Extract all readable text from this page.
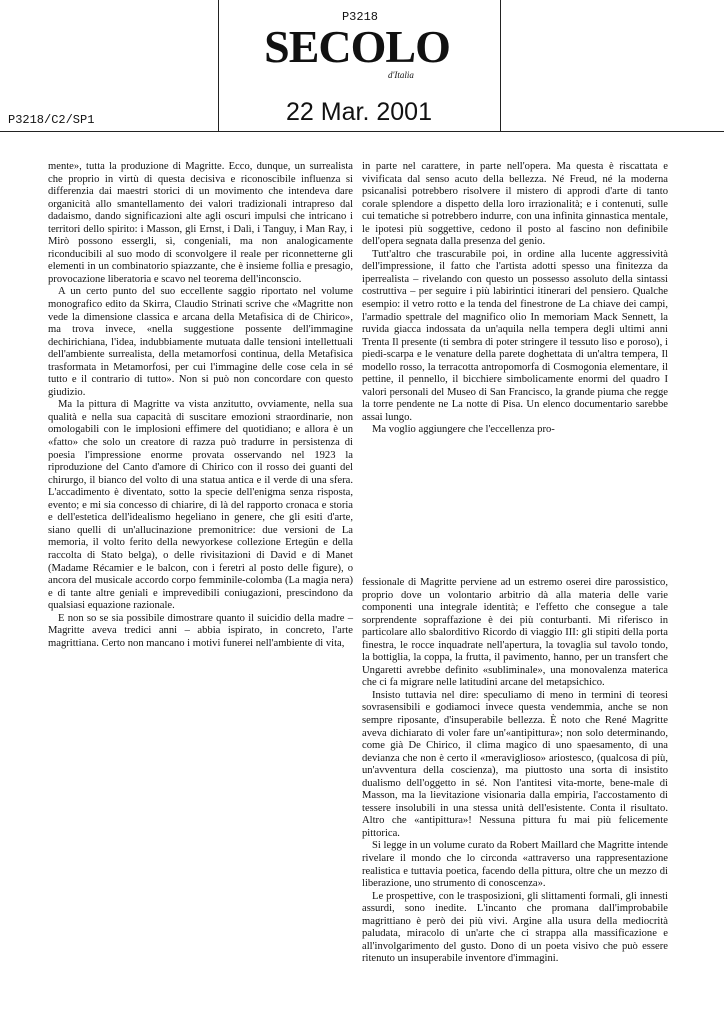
P3218
SECOLO
d'Italia
P3218/C2/SP1	22 Mar. 2001

mente», tutta la produzione di Magritte. Ecco, dunque, un surrealista che proprio in virtù di questa decisiva e riconoscibile influenza si differenzia dai maestri storici di un movimento che intendeva dare organicità allo smantellamento dei valori tradizionali intrapreso dal dadaismo, dando significazioni alte agli oscuri impulsi che intricano i territori dello spirito: i Masson, gli Ernst, i Dalì, i Tanguy, i Man Ray, i Mirò possono essergli, sì, congeniali, ma non analogicamente riconducibili al suo modo di sconvolgere il reale per riconnetterne gli elementi in un combinatorio spiazzante, che è insieme follia e presagio, provocazione liberatoria e scavo nel teorema dell'inconscio.

A un certo punto del suo eccellente saggio riportato nel volume monografico edito da Skirra, Claudio Strinati scrive che «Magritte non vede la dimensione classica e arcana della Metafisica di de Chirico», ma trova invece, «nella suggestione possente dell'immagine dechirichiana, l'idea, indubbiamente mutuata dalle tensioni intellettuali dell'ambiente surrealista, della metamorfosi continua, della Metafisica trasformata in Metamorfosi, per cui l'immagine delle cose cela in sé tutto e il contrario di tutto». Non si può non concordare con questo giudizio.

Ma la pittura di Magritte va vista anzitutto, ovviamente, nella sua qualità e nella sua capacità di suscitare emozioni straordinarie, non omologabili con le implosioni effimere del quotidiano; e allora è un «fatto» che solo un creatore di razza può tradurre in persistenza di poesia l'impressione enorme provata osservando nel 1923 la riproduzione del Canto d'amore di Chirico con il rosso dei guanti del chirurgo, il bianco del volto di una statua antica e il verde di una sfera. L'accadimento è diventato, sotto la specie dell'enigma senza risposta, evento; e mi sia concesso di chiarire, di là del rapporto cronaca e storia e dell'estetica dell'idealismo hegeliano in genere, che gli esiti d'arte, siano quelli di un'allucinazione premonitrice: due versioni de La memoria, il volto ferito della newyorkese collezione Ertegün e della raccolta di Stato belga), o delle rivisitazioni di David e di Manet (Madame Récamier e le balcon, con i feretri al posto delle figure), o ancora del musicale accordo corpo femminile-colomba (La magia nera) e di tante altre geniali e imprevedibili coniugazioni, prescindono da qualsiasi equazione razionale.

E non so se sia possibile dimostrare quanto il suicidio della madre – Magritte aveva tredici anni – abbia ispirato, in concreto, l'arte magrittiana. Certo non mancano i motivi funerei nell'ambiente di vita,

in parte nel carattere, in parte nell'opera. Ma questa è riscattata e vivificata dal senso acuto della bellezza. Né Freud, né la moderna psicanalisi potrebbero risolvere il mistero di approdi d'arte di tanto corale splendore a dispetto della loro irrazionalità; e i contenuti, sulle cui tematiche si potrebbero indurre, con una infinita ginnastica mentale, le ipotesi più soggettive, cedono il posto al fascino non definibile dell'opera segnata dalla presenza del genio.

Tutt'altro che trascurabile poi, in ordine alla lucente aggressività dell'impressione, il fatto che l'artista adotti spesso una finitezza da iperrealista – rivelando con questo un possesso assoluto della sintassi costruttiva – per seguire i più labirintici itinerari del pensiero. Qualche esempio: il vetro rotto e la tenda del finestrone de La chiave dei campi, l'armadio spettrale del magnifico olio In memoriam Mack Sennett, la ruvida giacca indossata da un'aquila nella tempera degli ultimi anni Trenta Il presente (ti sembra di poter stringere il tessuto liso e poroso), i piedi-scarpa e le venature della parete doghettata di un'altra tempera, Il modello rosso, la terracotta antropomorfa di Cosmogonia elementare, il pettine, il pennello, il bicchiere simbolicamente enormi del quadro I valori personali del Museo di San Francisco, la grande piuma che regge la torre pendente ne La notte di Pisa. Un elenco documentario sarebbe assai lungo.

Ma voglio aggiungere che l'eccellenza pro-

fessionale di Magritte perviene ad un estremo oserei dire parossistico, proprio dove un volontario arbitrio dà alla materia delle varie componenti una integrale identità; e l'effetto che consegue a tale sorprendente sopraffazione è dei più conturbanti. Mi riferisco in particolare allo sbalorditivo Ricordo di viaggio III: gli stipiti della porta finestra, le rocce inquadrate nell'apertura, la tovaglia sul tavolo tondo, la bottiglia, la coppa, la frutta, il pavimento, hanno, per un transfert che Ungaretti avrebbe definito «subliminale», una monovalenza materica che ci fa migrare nelle latitudini arcane del metapsichico.

Insisto tuttavia nel dire: speculiamo di meno in termini di teoresi sovrasensibili e godiamoci invece questa vendemmia, anche se non sempre riposante, d'insuperabile bellezza. È noto che René Magritte aveva dichiarato di voler fare un'«antipittura»; non solo determinando, come già De Chirico, il clima magico di uno spaesamento, di una devianza che non è certo il «meraviglioso» ariostesco, (qualcosa di più, un'avventura della coscienza), ma piuttosto una sorta di insistito dualismo dell'oggetto in sé. Non l'antitesi vita-morte, bene-male di Masson, ma la lievitazione visionaria dalla empiria, l'accostamento di tessere insolubili in una stessa unità dell'esistente. Conta il risultato. Altro che «antipittura»! Nessuna pittura fu mai più felicemente pittorica.

Si legge in un volume curato da Robert Maillard che Magritte intende rivelare il mondo che lo circonda «attraverso una rappresentazione realistica e tuttavia poetica, facendo della pittura, oltre che un mezzo di liberazione, uno strumento di conoscenza».

Le prospettive, con le trasposizioni, gli slittamenti formali, gli innesti assurdi, sono inedite. L'incanto che promana dall'improbabile magrittiano è però dei più vivi. Argine alla usura della mediocrità paludata, miracolo di un'arte che ci strappa alla massificazione e all'involgarimento del gusto. Dono di un poeta visivo che può essere ritenuto un insuperabile inventore d'immagini.
